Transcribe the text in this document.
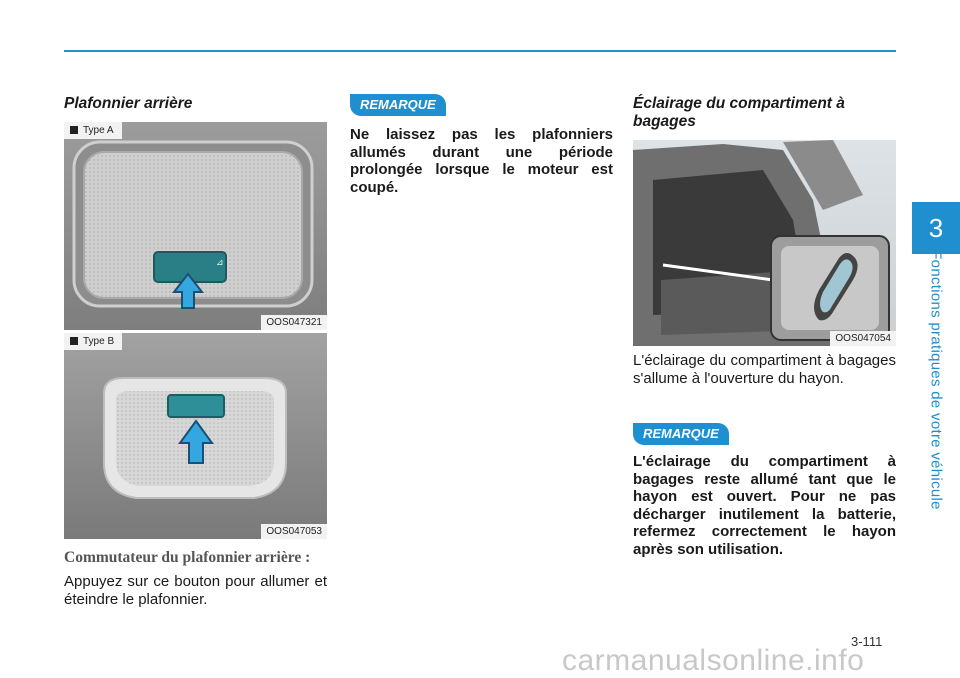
3
Fonctions pratiques de votre véhicule
Plafonnier arrière
⊿
Type A
OOS047321
Type B
OOS047053

Commutateur du plafonnier arrière :

Appuyez sur ce bouton pour allumer et éteindre le plafonnier.

REMARQUE

Ne laissez pas les plafonniers allumés durant une période prolongée lorsque le moteur est coupé.

Éclairage du compartiment à bagages
OOS047054

L'éclairage du compartiment à bagages s'allume à l'ouverture du hayon.

REMARQUE

L'éclairage du compartiment à bagages reste allumé tant que le hayon est ouvert. Pour ne pas décharger inutilement la batterie, refermez correctement le hayon après son utilisation.

3-111
carmanualsonline.info
